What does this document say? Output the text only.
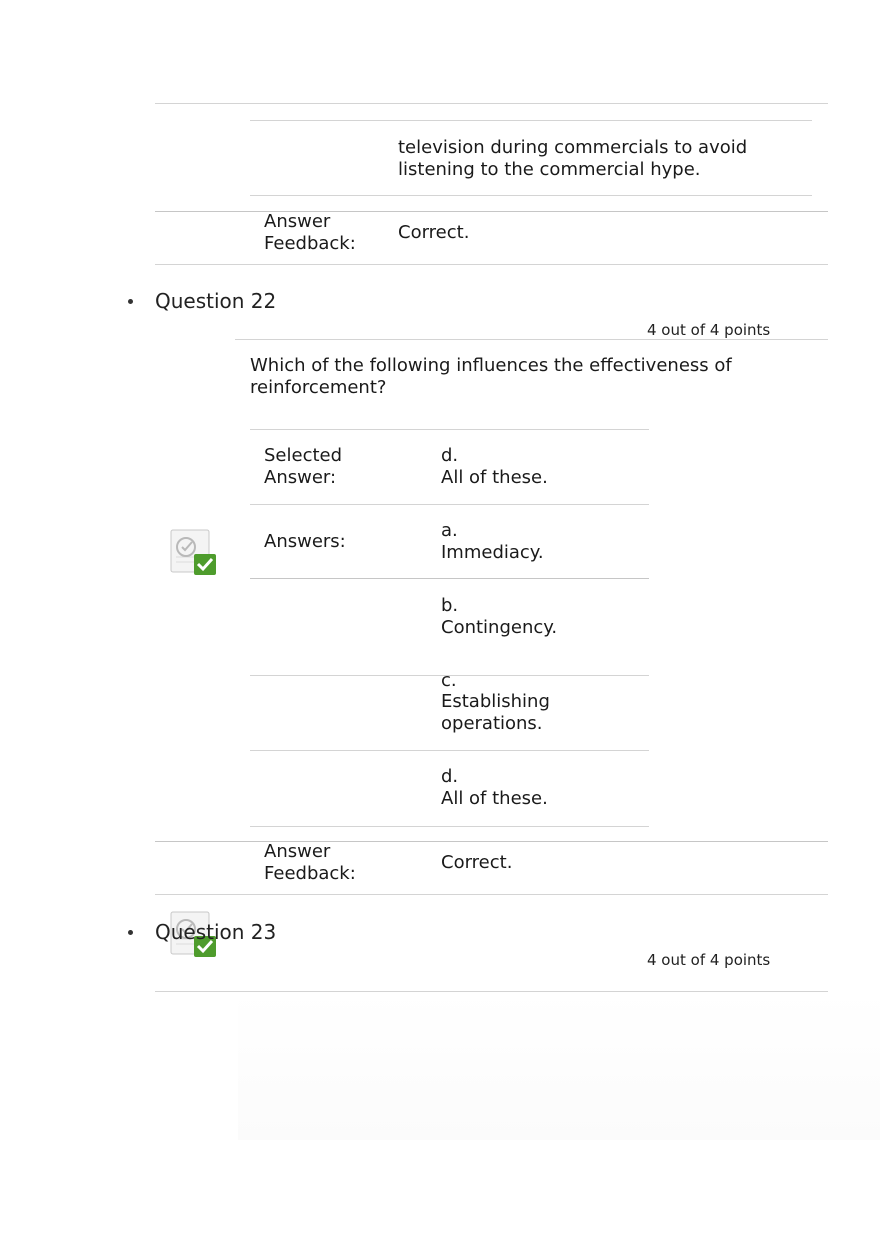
television during commercials to avoid listening to the commercial hype.
Answer Feedback:
Correct.
Question 22
4 out of 4 points
Which of the following influences the effectiveness of reinforcement?
Selected Answer:
d.
All of these.
Answers:
a.
Immediacy.
b.
Contingency.
c.
Establishing operations.
d.
All of these.
Answer Feedback:
Correct.
Question 23
4 out of 4 points
